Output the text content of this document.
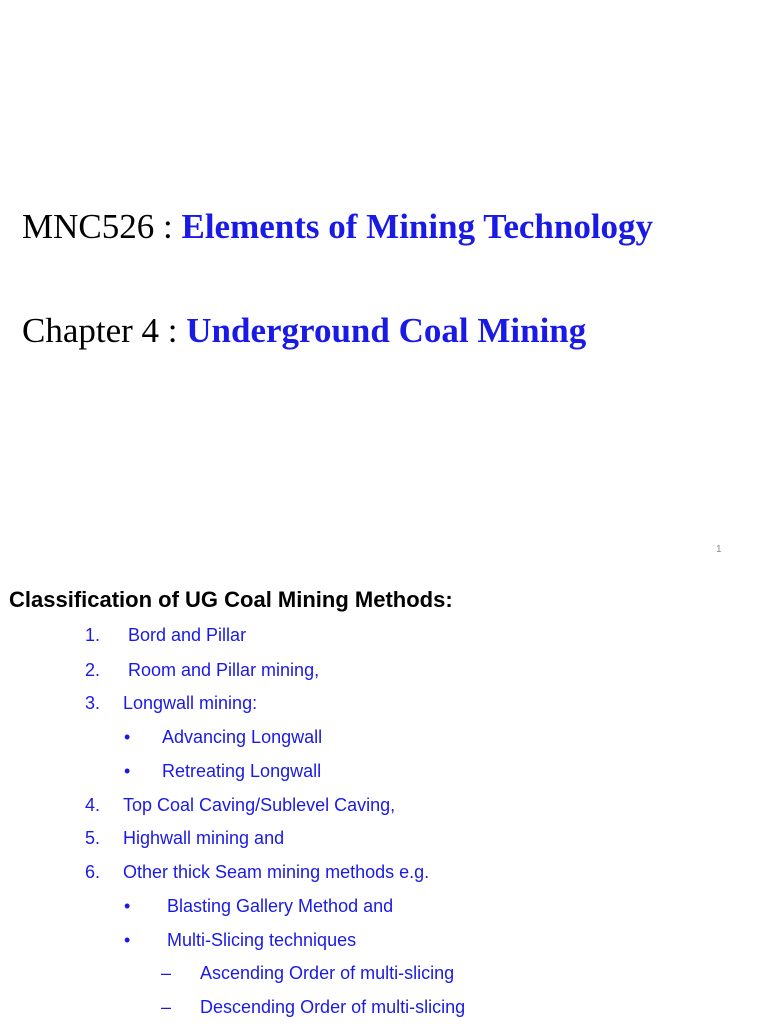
MNC526 : Elements of Mining Technology
Chapter 4 : Underground Coal Mining
1
Classification of UG Coal Mining Methods:
1. Bord and Pillar
2. Room and Pillar mining,
3. Longwall mining:
• Advancing Longwall
• Retreating Longwall
4. Top Coal Caving/Sublevel Caving,
5. Highwall mining and
6. Other thick Seam mining methods e.g.
• Blasting Gallery Method and
• Multi-Slicing techniques
– Ascending Order of multi-slicing
– Descending Order of multi-slicing
